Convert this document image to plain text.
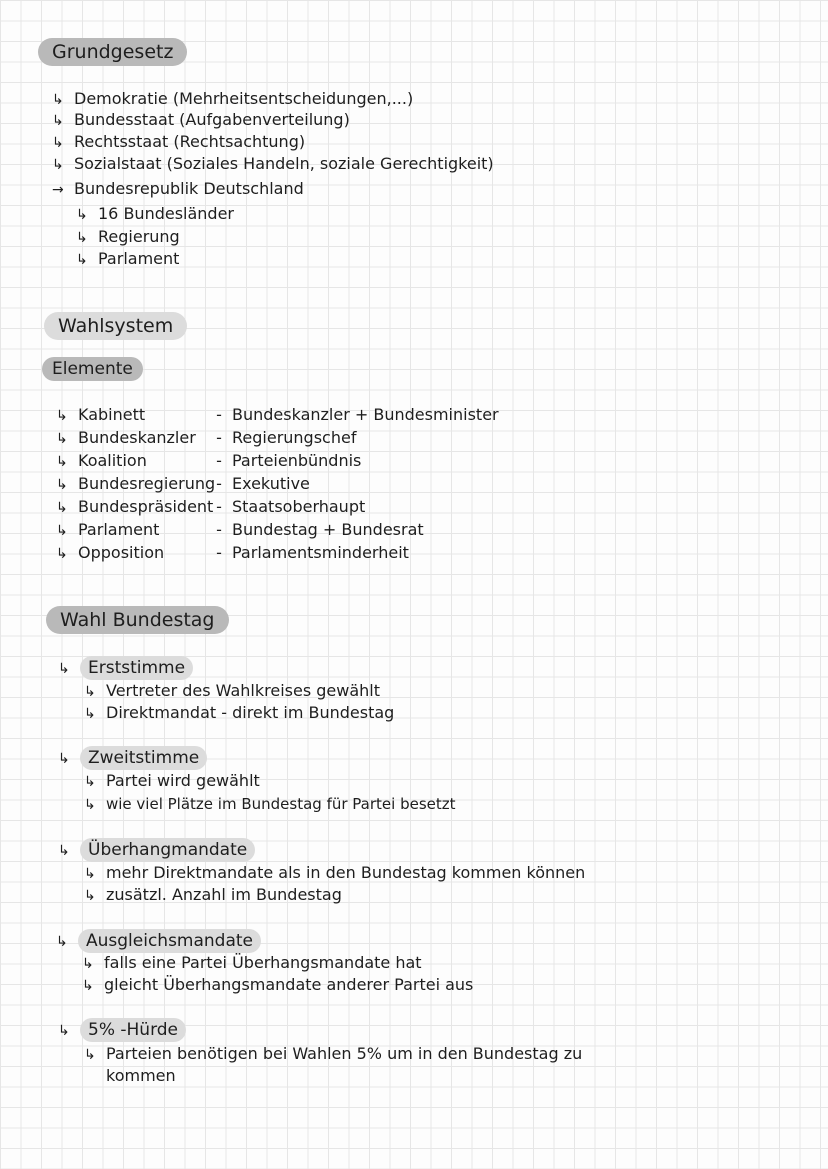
Grundgesetz
↳ Demokratie (Mehrheitsentscheidungen,...)
↳ Bundesstaat (Aufgabenverteilung)
↳ Rechtsstaat (Rechtsachtung)
↳ Sozialstaat (Soziales Handeln, soziale Gerechtigkeit)
→ Bundesrepublik Deutschland
↳ 16 Bundesländer
↳ Regierung
↳ Parlament
Wahlsystem
Elemente
↳ Kabinett	- Bundeskanzler + Bundesminister
↳ Bundeskanzler - Regierungschef
↳ Koalition	- Parteienbündnis
↳ Bundesregierung- Exekutive
↳ Bundespräsident - Staatsoberhaupt
↳ Parlament	- Bundestag + Bundesrat
↳ Opposition	- Parlamentsminderheit
Wahl Bundestag
↳ Erststimme
↳ Vertreter des Wahlkreises gewählt
↳ Direktmandat - direkt im Bundestag
↳ Zweitstimme
↳ Partei wird gewählt
↳ wie viel Plätze im Bundestag für Partei besetzt
↳ Überhangmandate
↳ mehr Direktmandate als in den Bundestag kommen können
↳ zusätzl. Anzahl im Bundestag
↳ Ausgleichsmandate
↳ falls eine Partei Überhangsmandate hat
↳ gleicht Überhangsmandate anderer Partei aus
↳ 5% -Hürde
↳ Parteien benötigen bei Wahlen 5% um in den Bundestag zu
kommen
